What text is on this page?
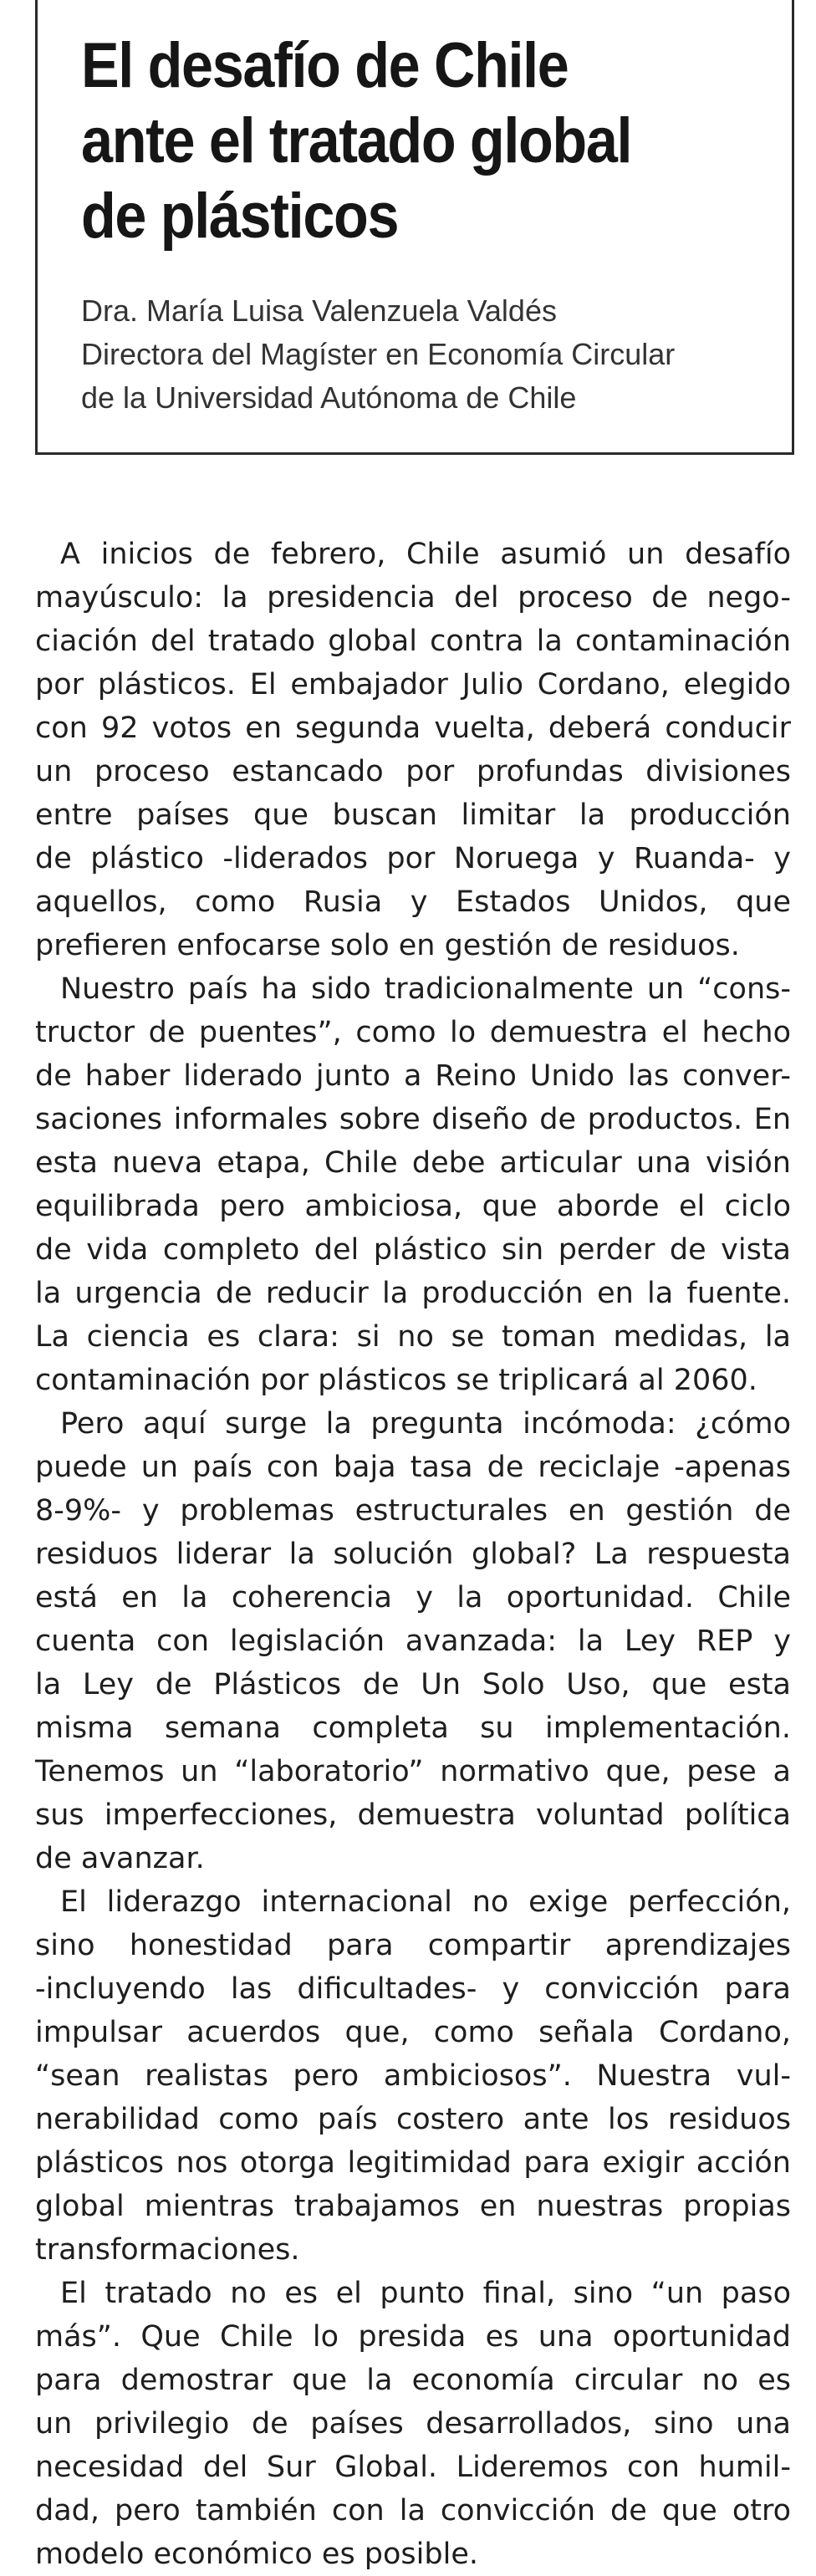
El desafío de Chile
ante el tratado global
de plásticos
Dra. María Luisa Valenzuela Valdés
Directora del Magíster en Economía Circular
de la Universidad Autónoma de Chile
A inicios de febrero, Chile asumió un desafío
mayúsculo: la presidencia del proceso de nego-
ciación del tratado global contra la contaminación
por plásticos. El embajador Julio Cordano, elegido
con 92 votos en segunda vuelta, deberá conducir
un proceso estancado por profundas divisiones
entre países que buscan limitar la producción
de plástico -liderados por Noruega y Ruanda- y
aquellos, como Rusia y Estados Unidos, que
prefieren enfocarse solo en gestión de residuos.
Nuestro país ha sido tradicionalmente un “cons-
tructor de puentes”, como lo demuestra el hecho
de haber liderado junto a Reino Unido las conver-
saciones informales sobre diseño de productos. En
esta nueva etapa, Chile debe articular una visión
equilibrada pero ambiciosa, que aborde el ciclo
de vida completo del plástico sin perder de vista
la urgencia de reducir la producción en la fuente.
La ciencia es clara: si no se toman medidas, la
contaminación por plásticos se triplicará al 2060.
Pero aquí surge la pregunta incómoda: ¿cómo
puede un país con baja tasa de reciclaje -apenas
8-9%- y problemas estructurales en gestión de
residuos liderar la solución global? La respuesta
está en la coherencia y la oportunidad. Chile
cuenta con legislación avanzada: la Ley REP y
la Ley de Plásticos de Un Solo Uso, que esta
misma semana completa su implementación.
Tenemos un “laboratorio” normativo que, pese a
sus imperfecciones, demuestra voluntad política
de avanzar.
El liderazgo internacional no exige perfección,
sino honestidad para compartir aprendizajes
-incluyendo las dificultades- y convicción para
impulsar acuerdos que, como señala Cordano,
“sean realistas pero ambiciosos”. Nuestra vul-
nerabilidad como país costero ante los residuos
plásticos nos otorga legitimidad para exigir acción
global mientras trabajamos en nuestras propias
transformaciones.
El tratado no es el punto final, sino “un paso
más”. Que Chile lo presida es una oportunidad
para demostrar que la economía circular no es
un privilegio de países desarrollados, sino una
necesidad del Sur Global. Lideremos con humil-
dad, pero también con la convicción de que otro
modelo económico es posible.
